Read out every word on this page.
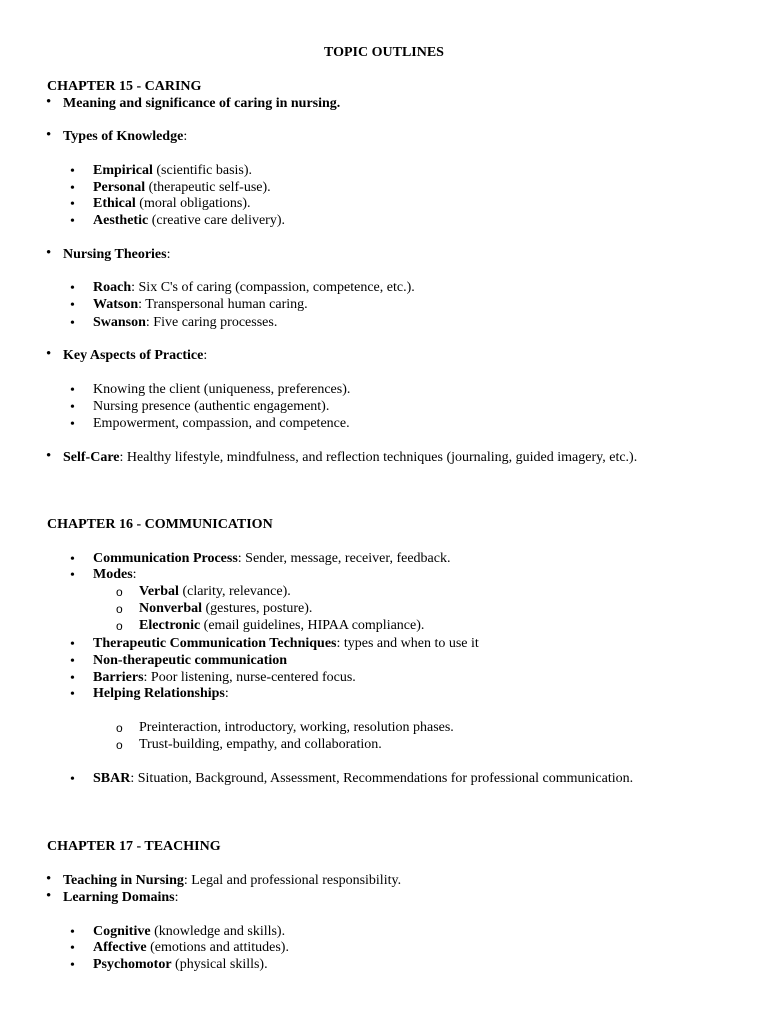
TOPIC OUTLINES
CHAPTER 15 - CARING
• Meaning and significance of caring in nursing.
• Types of Knowledge:
• Empirical (scientific basis).
• Personal (therapeutic self-use).
• Ethical (moral obligations).
• Aesthetic (creative care delivery).
• Nursing Theories:
• Roach: Six C's of caring (compassion, competence, etc.).
• Watson: Transpersonal human caring.
• Swanson: Five caring processes.
• Key Aspects of Practice:
• Knowing the client (uniqueness, preferences).
• Nursing presence (authentic engagement).
• Empowerment, compassion, and competence.
• Self-Care: Healthy lifestyle, mindfulness, and reflection techniques (journaling, guided imagery, etc.).
CHAPTER 16 - COMMUNICATION
• Communication Process: Sender, message, receiver, feedback.
• Modes:
o Verbal (clarity, relevance).
o Nonverbal (gestures, posture).
o Electronic (email guidelines, HIPAA compliance).
• Therapeutic Communication Techniques: types and when to use it
• Non-therapeutic communication
• Barriers: Poor listening, nurse-centered focus.
• Helping Relationships:
o Preinteraction, introductory, working, resolution phases.
o Trust-building, empathy, and collaboration.
• SBAR: Situation, Background, Assessment, Recommendations for professional communication.
CHAPTER 17 - TEACHING
• Teaching in Nursing: Legal and professional responsibility.
• Learning Domains:
• Cognitive (knowledge and skills).
• Affective (emotions and attitudes).
• Psychomotor (physical skills).
